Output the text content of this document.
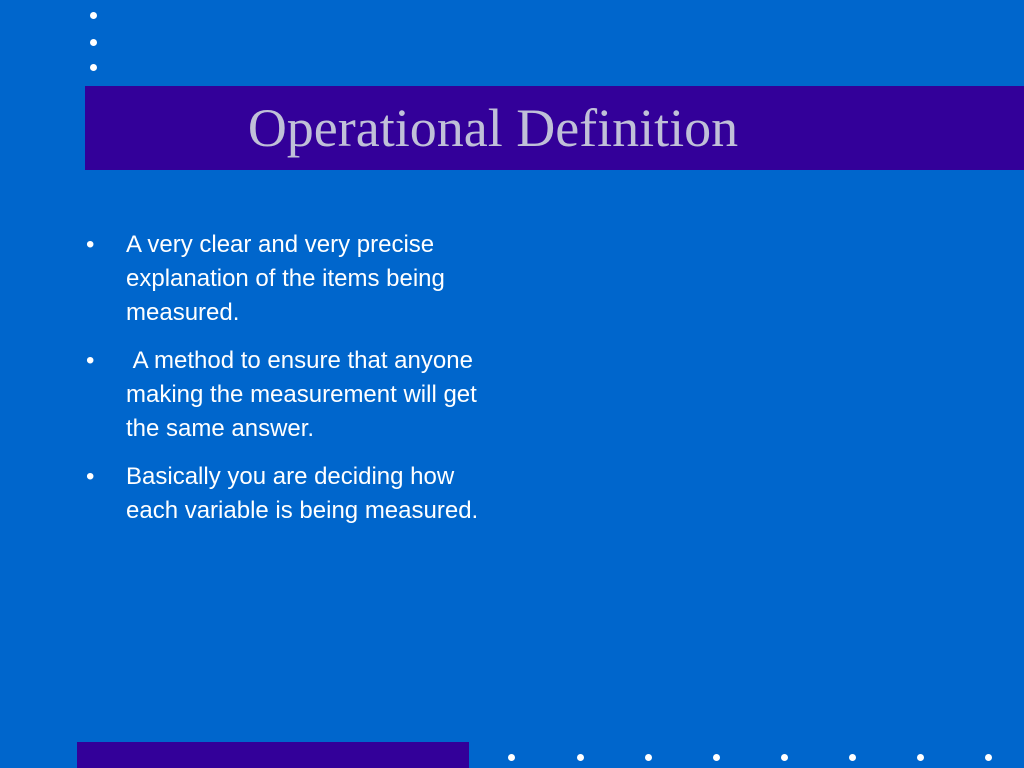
Operational Definition
•	A very clear and very precise explanation of the items being measured.
•	A method to ensure that anyone making the measurement will get the same answer.
•	Basically you are deciding how each variable is being measured.
